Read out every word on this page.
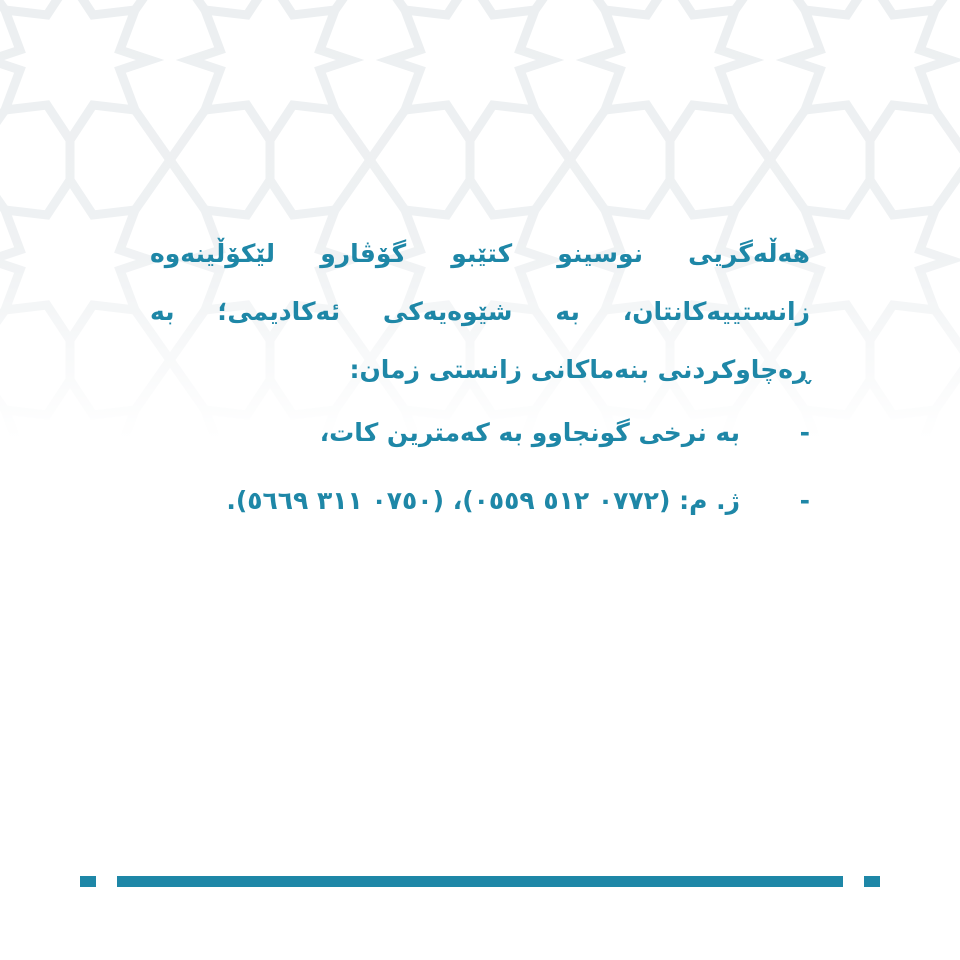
هەڵەگریی نوسینو کتێبو گۆڤارو لێکۆڵینەوە زانستییەکانتان، بە شێوەیەکی ئەکادیمی؛ بە ڕەچاوکردنی بنەماکانی زانستی زمان:

-
بە نرخی گونجاوو بە کەمترین کات،
-
ژ. م: (٠٧٧٢ ٥١٢ ٠٥٥٩)، (٠٧٥٠ ٣١١ ٥٦٦٩).
